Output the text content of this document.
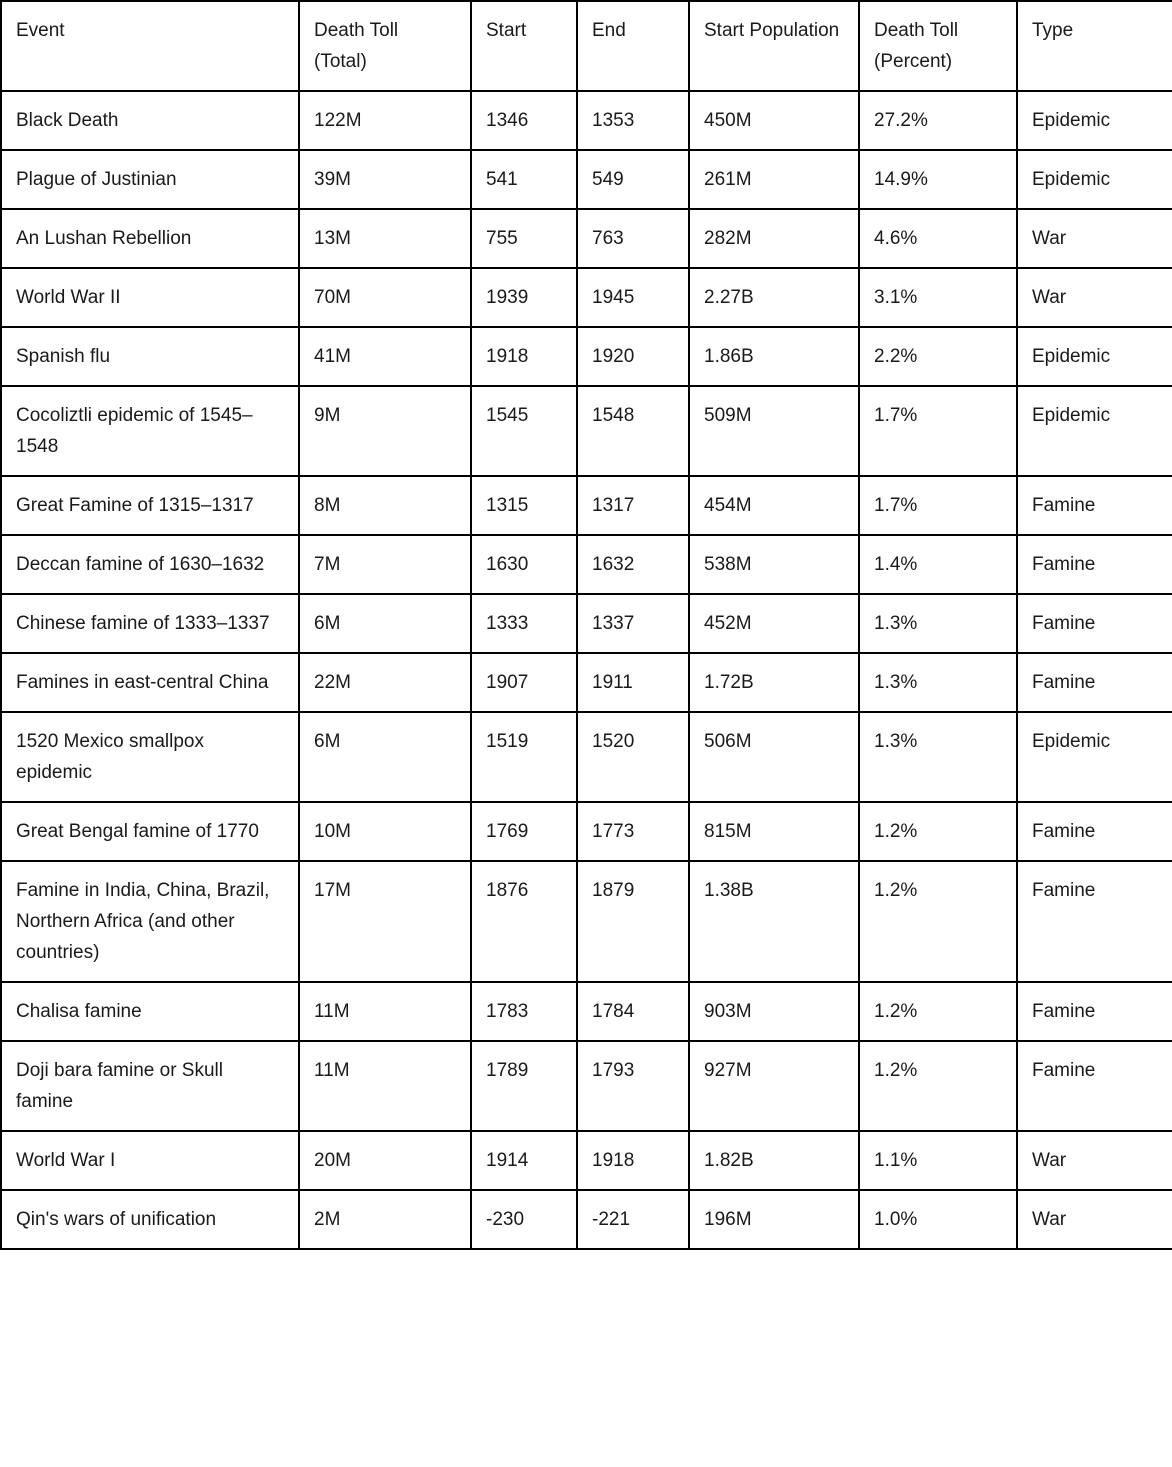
Event	Death Toll (Total)	Start	End	Start Population	Death Toll (Percent)	Type
Black Death	122M	1346	1353	450M	27.2%	Epidemic
Plague of Justinian	39M	541	549	261M	14.9%	Epidemic
An Lushan Rebellion	13M	755	763	282M	4.6%	War
World War II	70M	1939	1945	2.27B	3.1%	War
Spanish flu	41M	1918	1920	1.86B	2.2%	Epidemic
Cocoliztli epidemic of 1545–1548	9M	1545	1548	509M	1.7%	Epidemic
Great Famine of 1315–1317	8M	1315	1317	454M	1.7%	Famine
Deccan famine of 1630–1632	7M	1630	1632	538M	1.4%	Famine
Chinese famine of 1333–1337	6M	1333	1337	452M	1.3%	Famine
Famines in east-central China	22M	1907	1911	1.72B	1.3%	Famine
1520 Mexico smallpox epidemic	6M	1519	1520	506M	1.3%	Epidemic
Great Bengal famine of 1770	10M	1769	1773	815M	1.2%	Famine
Famine in India, China, Brazil, Northern Africa (and other countries)	17M	1876	1879	1.38B	1.2%	Famine
Chalisa famine	11M	1783	1784	903M	1.2%	Famine
Doji bara famine or Skull famine	11M	1789	1793	927M	1.2%	Famine
World War I	20M	1914	1918	1.82B	1.1%	War
Qin's wars of unification	2M	-230	-221	196M	1.0%	War
